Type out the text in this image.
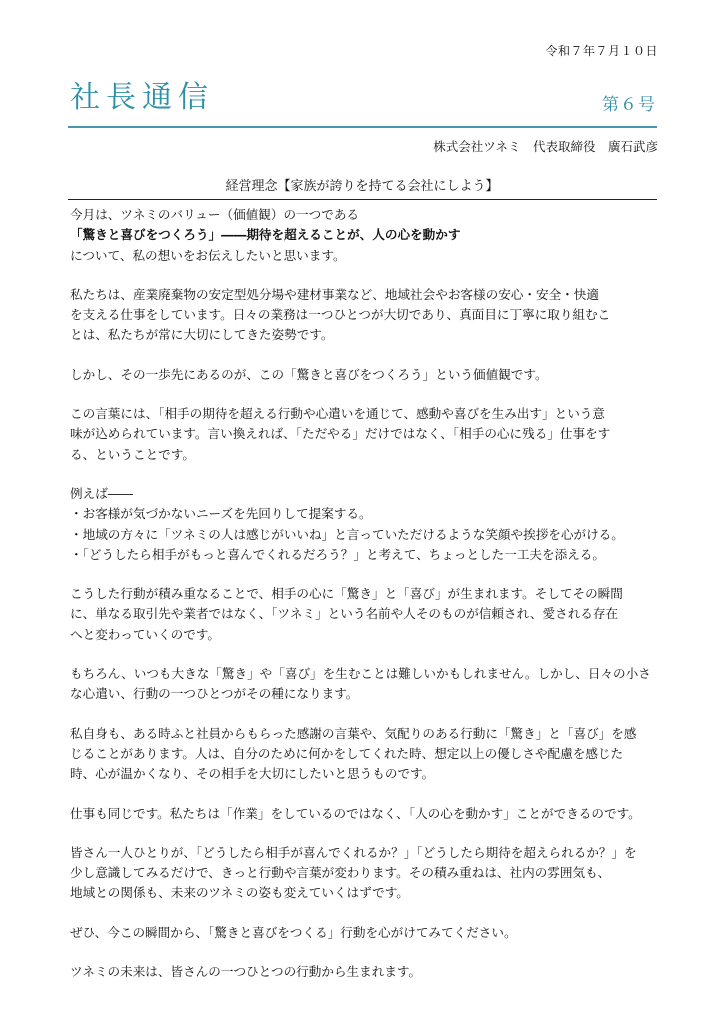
令和７年７月１０日
社長通信	第６号
株式会社ツネミ　代表取締役　廣石武彦
経営理念【家族が誇りを持てる会社にしよう】

今月は、ツネミのバリュー（価値観）の一つである
「驚きと喜びをつくろう」――期待を超えることが、人の心を動かす
について、私の想いをお伝えしたいと思います。

私たちは、産業廃棄物の安定型処分場や建材事業など、地域社会やお客様の安心・安全・快適
を支える仕事をしています。日々の業務は一つひとつが大切であり、真面目に丁寧に取り組むこ
とは、私たちが常に大切にしてきた姿勢です。

しかし、その一歩先にあるのが、この「驚きと喜びをつくろう」という価値観です。

この言葉には、「相手の期待を超える行動や心遣いを通じて、感動や喜びを生み出す」という意
味が込められています。言い換えれば、「ただやる」だけではなく、「相手の心に残る」仕事をす
る、ということです。

例えば――
・お客様が気づかないニーズを先回りして提案する。
・地域の方々に「ツネミの人は感じがいいね」と言っていただけるような笑顔や挨拶を心がける。
・「どうしたら相手がもっと喜んでくれるだろう？」と考えて、ちょっとした一工夫を添える。

こうした行動が積み重なることで、相手の心に「驚き」と「喜び」が生まれます。そしてその瞬間
に、単なる取引先や業者ではなく、「ツネミ」という名前や人そのものが信頼され、愛される存在
へと変わっていくのです。

もちろん、いつも大きな「驚き」や「喜び」を生むことは難しいかもしれません。しかし、日々の小さ
な心遣い、行動の一つひとつがその種になります。

私自身も、ある時ふと社員からもらった感謝の言葉や、気配りのある行動に「驚き」と「喜び」を感
じることがあります。人は、自分のために何かをしてくれた時、想定以上の優しさや配慮を感じた
時、心が温かくなり、その相手を大切にしたいと思うものです。

仕事も同じです。私たちは「作業」をしているのではなく、「人の心を動かす」ことができるのです。

皆さん一人ひとりが、「どうしたら相手が喜んでくれるか？」「どうしたら期待を超えられるか？」を
少し意識してみるだけで、きっと行動や言葉が変わります。その積み重ねは、社内の雰囲気も、
地域との関係も、未来のツネミの姿も変えていくはずです。

ぜひ、今この瞬間から、「驚きと喜びをつくる」行動を心がけてみてください。

ツネミの未来は、皆さんの一つひとつの行動から生まれます。
